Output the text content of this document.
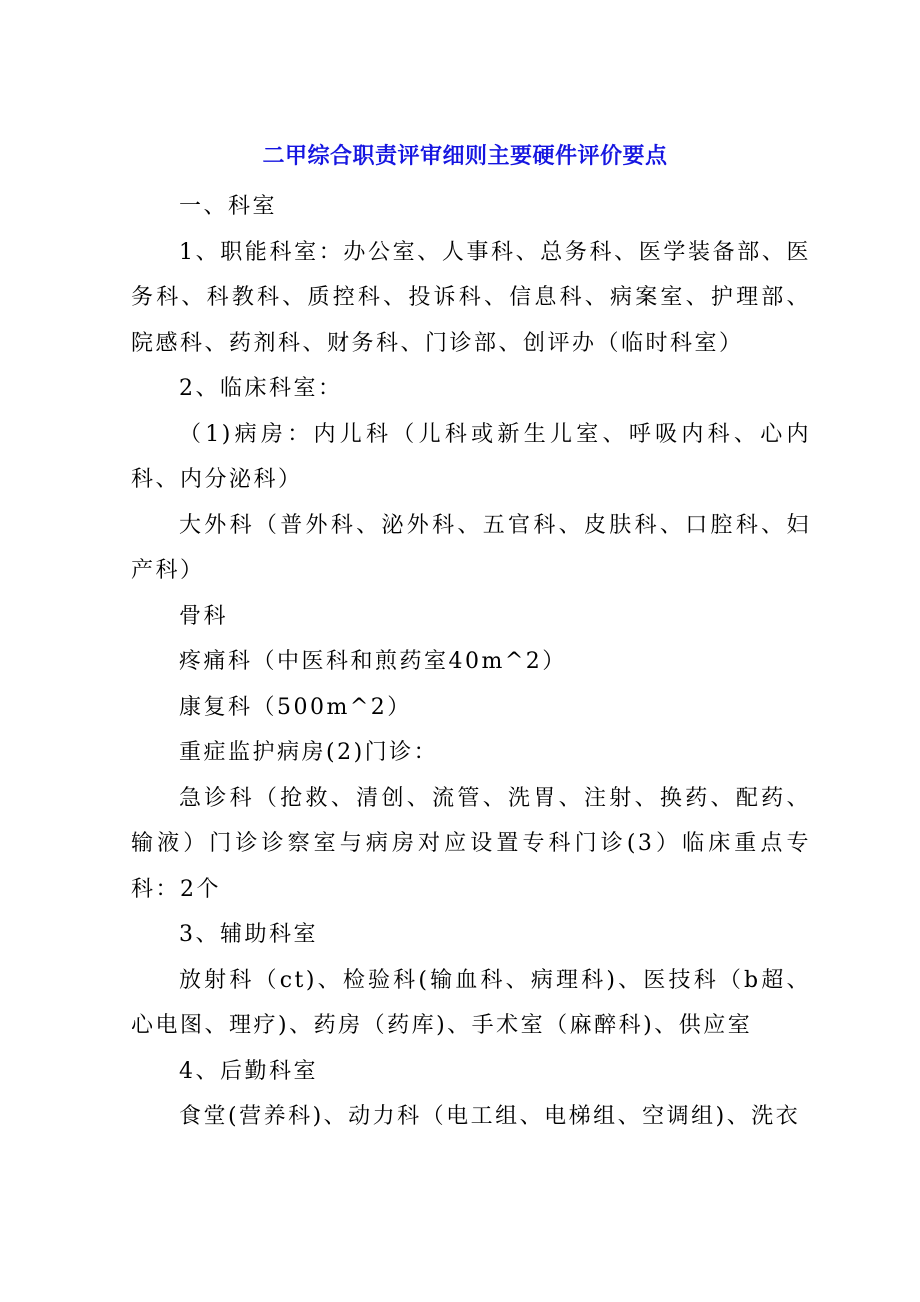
二甲综合职责评审细则主要硬件评价要点

一、科室

1、职能科室：办公室、人事科、总务科、医学装备部、医务科、科教科、质控科、投诉科、信息科、病案室、护理部、院感科、药剂科、财务科、门诊部、创评办（临时科室）

2、临床科室：

（1)病房：内儿科（儿科或新生儿室、呼吸内科、心内科、内分泌科）

大外科（普外科、泌外科、五官科、皮肤科、口腔科、妇产科）

骨科

疼痛科（中医科和煎药室40m^2）

康复科（500m^2）

重症监护病房(2)门诊：

急诊科（抢救、清创、流管、洗胃、注射、换药、配药、输液）门诊诊察室与病房对应设置专科门诊(3）临床重点专科：2个

3、辅助科室

放射科（ct)、检验科(输血科、病理科)、医技科（b超、心电图、理疗)、药房（药库)、手术室（麻醉科)、供应室

4、后勤科室

食堂(营养科)、动力科（电工组、电梯组、空调组)、洗衣
